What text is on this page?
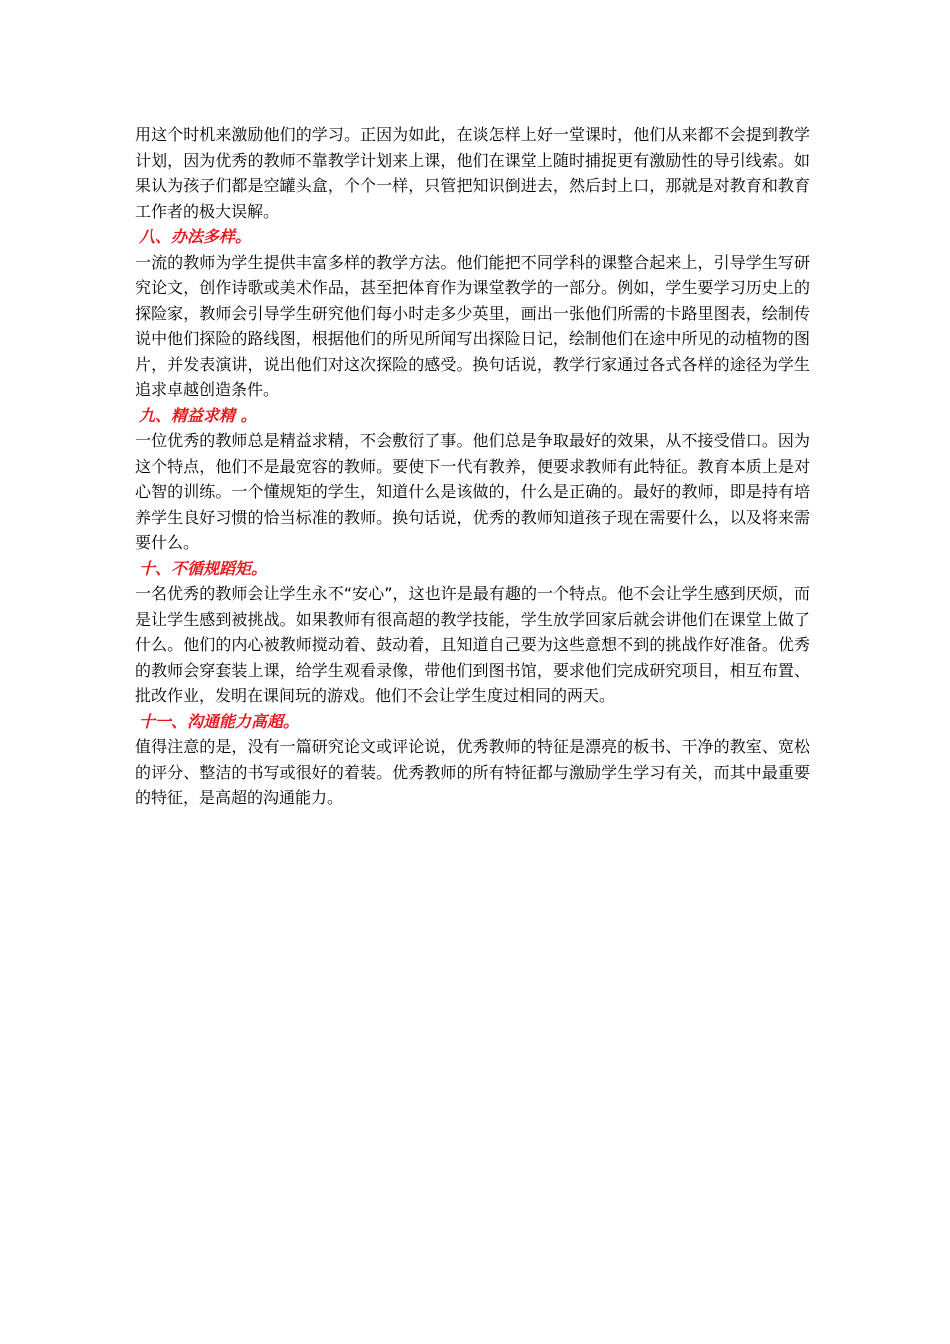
用这个时机来激励他们的学习。正因为如此，在谈怎样上好一堂课时，他们从来都不会提到教学计划，因为优秀的教师不靠教学计划来上课，他们在课堂上随时捕捉更有激励性的导引线索。如果认为孩子们都是空罐头盒，个个一样，只管把知识倒进去，然后封上口，那就是对教育和教育工作者的极大误解。

八、办法多样。

一流的教师为学生提供丰富多样的教学方法。他们能把不同学科的课整合起来上，引导学生写研究论文，创作诗歌或美术作品，甚至把体育作为课堂教学的一部分。例如，学生要学习历史上的探险家，教师会引导学生研究他们每小时走多少英里，画出一张他们所需的卡路里图表，绘制传说中他们探险的路线图，根据他们的所见所闻写出探险日记，绘制他们在途中所见的动植物的图片，并发表演讲，说出他们对这次探险的感受。换句话说，教学行家通过各式各样的途径为学生追求卓越创造条件。

九、精益求精 。

一位优秀的教师总是精益求精，不会敷衍了事。他们总是争取最好的效果，从不接受借口。因为这个特点，他们不是最宽容的教师。要使下一代有教养，便要求教师有此特征。教育本质上是对心智的训练。一个懂规矩的学生，知道什么是该做的，什么是正确的。最好的教师，即是持有培养学生良好习惯的恰当标准的教师。换句话说，优秀的教师知道孩子现在需要什么，以及将来需要什么。

十、不循规蹈矩。

一名优秀的教师会让学生永不“安心”，这也许是最有趣的一个特点。他不会让学生感到厌烦，而是让学生感到被挑战。如果教师有很高超的教学技能，学生放学回家后就会讲他们在课堂上做了什么。他们的内心被教师搅动着、鼓动着，且知道自己要为这些意想不到的挑战作好准备。优秀的教师会穿套装上课，给学生观看录像，带他们到图书馆，要求他们完成研究项目，相互布置、批改作业，发明在课间玩的游戏。他们不会让学生度过相同的两天。

十一、沟通能力高超。

值得注意的是，没有一篇研究论文或评论说，优秀教师的特征是漂亮的板书、干净的教室、宽松的评分、整洁的书写或很好的着装。优秀教师的所有特征都与激励学生学习有关，而其中最重要的特征，是高超的沟通能力。
